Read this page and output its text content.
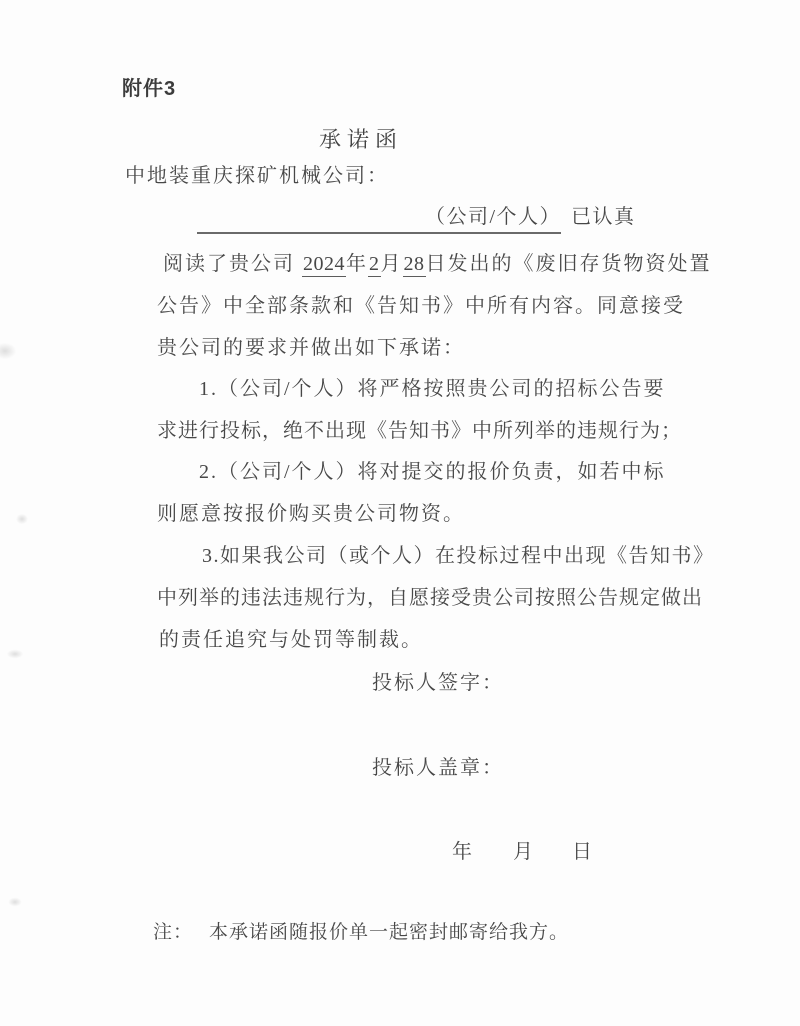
附件3
承诺函
中地装重庆探矿机械公司：
（公司/个人） 已认真
阅读了贵公司 2024年2月28日发出的《废旧存货物资处置
公告》中全部条款和《告知书》中所有内容。同意接受
贵公司的要求并做出如下承诺：
1.（公司/个人）将严格按照贵公司的招标公告要
求进行投标，绝不出现《告知书》中所列举的违规行为；
2.（公司/个人）将对提交的报价负责，如若中标
则愿意按报价购买贵公司物资。
3.如果我公司（或个人）在投标过程中出现《告知书》
中列举的违法违规行为，自愿接受贵公司按照公告规定做出
的责任追究与处罚等制裁。
投标人签字：
投标人盖章：
年 月 日
注： 本承诺函随报价单一起密封邮寄给我方。
